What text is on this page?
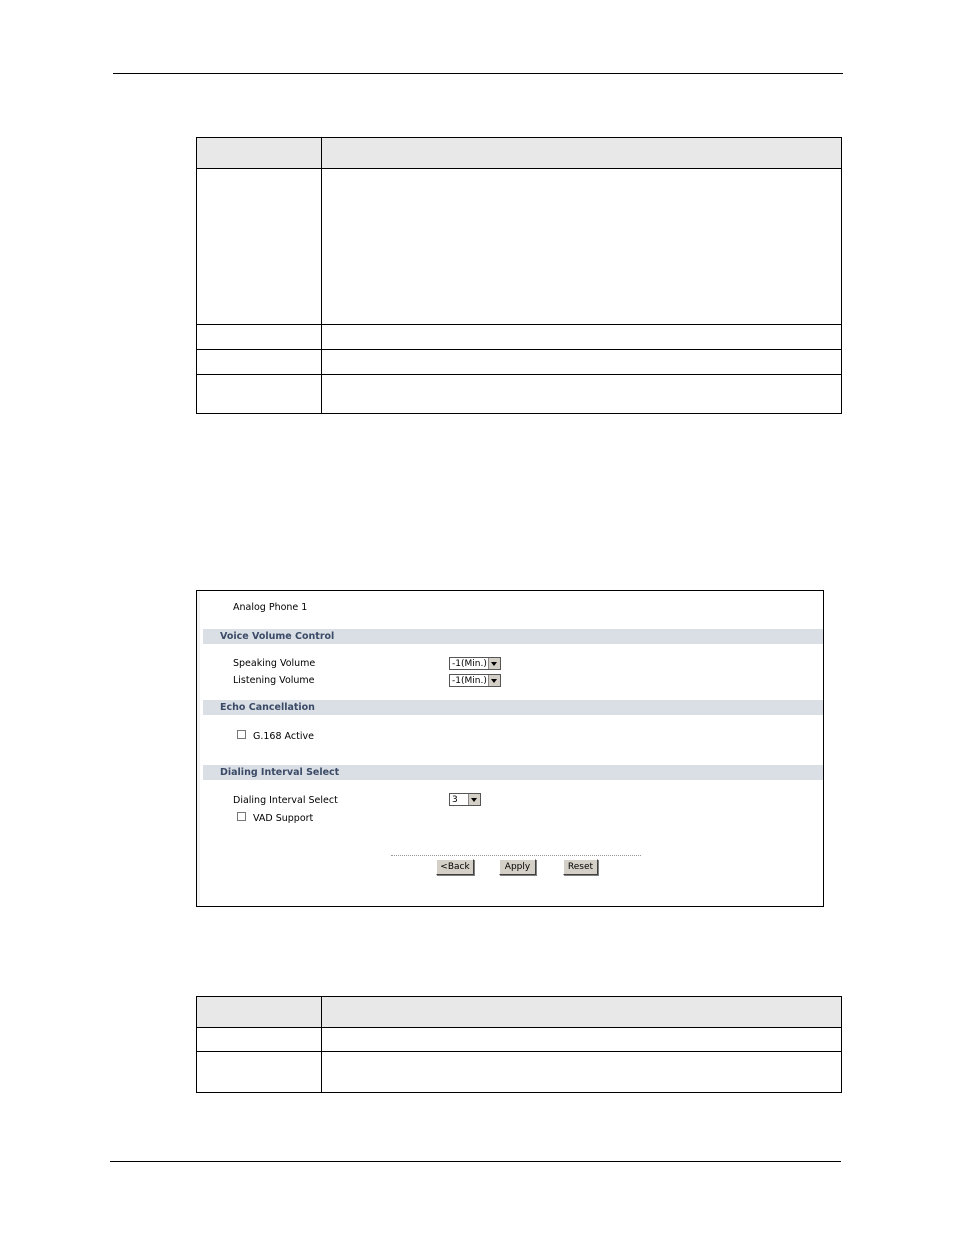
Analog Phone 1
Voice Volume Control
Speaking Volume	-1(Min.)
Listening Volume	-1(Min.)
Echo Cancellation
G.168 Active
Dialing Interval Select
Dialing Interval Select	3
VAD Support
<Back	Apply	Reset
